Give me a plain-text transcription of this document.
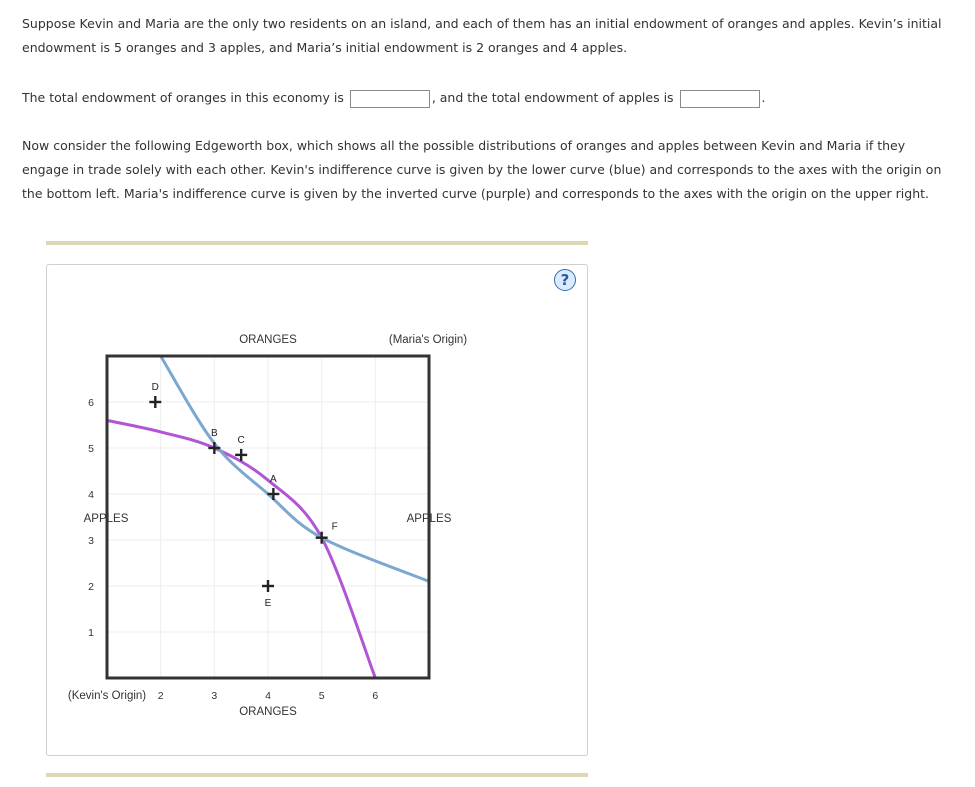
Suppose Kevin and Maria are the only two residents on an island, and each of them has an initial endowment of oranges and apples. Kevin’s initial endowment is 5 oranges and 3 apples, and Maria’s initial endowment is 2 oranges and 4 apples.

The total endowment of oranges in this economy is	, and the total endowment of apples is	.

Now consider the following Edgeworth box, which shows all the possible distributions of oranges and apples between Kevin and Maria if they engage in trade solely with each other. Kevin's indifference curve is given by the lower curve (blue) and corresponds to the axes with the origin on the bottom left. Maria's indifference curve is given by the inverted curve (purple) and corresponds to the axes with the origin on the upper right.

?
2	3	4	5	6
1
2
3
4
5
6
A
B
C
D
E
F
ORANGES
ORANGES
APPLES	APPLES
(Kevin's Origin)
(Maria's Origin)
